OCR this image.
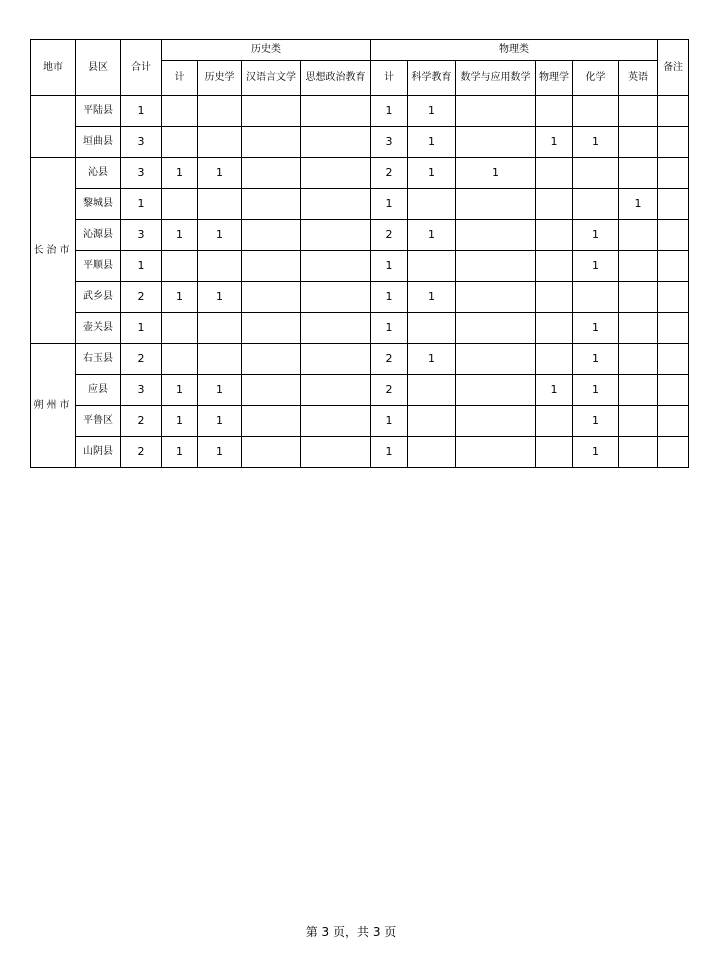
地市	县区	合计	历史类				物理类						备注
			计	历史学	汉语言文学	思想政治教育	计	科学教育	数学与应用数学	物理学	化学	英语	
	平陆县	1					1	1					
	垣曲县	3					3	1		1	1		
长治市	沁县	3	1	1			2	1	1				
	黎城县	1					1					1	
	沁源县	3	1	1			2	1			1		
	平顺县	1					1				1		
	武乡县	2	1	1			1	1					
	壶关县	1					1				1		
朔州市	右玉县	2					2	1			1		
	应县	3	1	1			2			1	1		
	平鲁区	2	1	1			1				1		
	山阴县	2	1	1			1				1		
第 3 页，共 3 页
